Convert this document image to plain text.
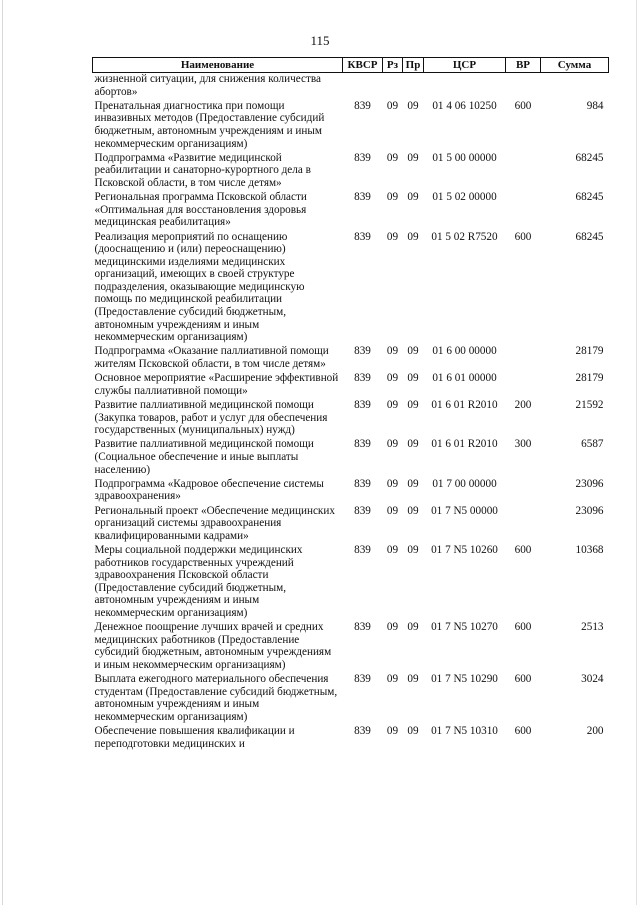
115
Наименование	КВСР	Рз	Пр	ЦСР	ВР	Сумма
жизненной ситуации, для снижения количества абортов»						
Пренатальная диагностика при помощи инвазивных методов (Предоставление субсидий бюджетным, автономным учреждениям и иным некоммерческим организациям)	839	09	09	01 4 06 10250	600	984
Подпрограмма «Развитие медицинской реабилитации и санаторно-курортного дела в Псковской области, в том числе детям»	839	09	09	01 5 00 00000		68245
Региональная программа Псковской области «Оптимальная для восстановления здоровья медицинская реабилитация»	839	09	09	01 5 02 00000		68245
Реализация мероприятий по оснащению (дооснащению и (или) переоснащению) медицинскими изделиями медицинских организаций, имеющих в своей структуре подразделения, оказывающие медицинскую помощь по медицинской реабилитации (Предоставление субсидий бюджетным, автономным учреждениям и иным некоммерческим организациям)	839	09	09	01 5 02 R7520	600	68245
Подпрограмма «Оказание паллиативной помощи жителям Псковской области, в том числе детям»	839	09	09	01 6 00 00000		28179
Основное мероприятие «Расширение эффективной службы паллиативной помощи»	839	09	09	01 6 01 00000		28179
Развитие паллиативной медицинской помощи (Закупка товаров, работ и услуг для обеспечения государственных (муниципальных) нужд)	839	09	09	01 6 01 R2010	200	21592
Развитие паллиативной медицинской помощи (Социальное обеспечение и иные выплаты населению)	839	09	09	01 6 01 R2010	300	6587
Подпрограмма «Кадровое обеспечение системы здравоохранения»	839	09	09	01 7 00 00000		23096
Региональный проект «Обеспечение медицинских организаций системы здравоохранения квалифицированными кадрами»	839	09	09	01 7 N5 00000		23096
Меры социальной поддержки медицинских работников государственных учреждений здравоохранения Псковской области (Предоставление субсидий бюджетным, автономным учреждениям и иным некоммерческим организациям)	839	09	09	01 7 N5 10260	600	10368
Денежное поощрение лучших врачей и средних медицинских работников (Предоставление субсидий бюджетным, автономным учреждениям и иным некоммерческим организациям)	839	09	09	01 7 N5 10270	600	2513
Выплата ежегодного материального обеспечения студентам (Предоставление субсидий бюджетным, автономным учреждениям и иным некоммерческим организациям)	839	09	09	01 7 N5 10290	600	3024
Обеспечение повышения квалификации и переподготовки медицинских и	839	09	09	01 7 N5 10310	600	200
